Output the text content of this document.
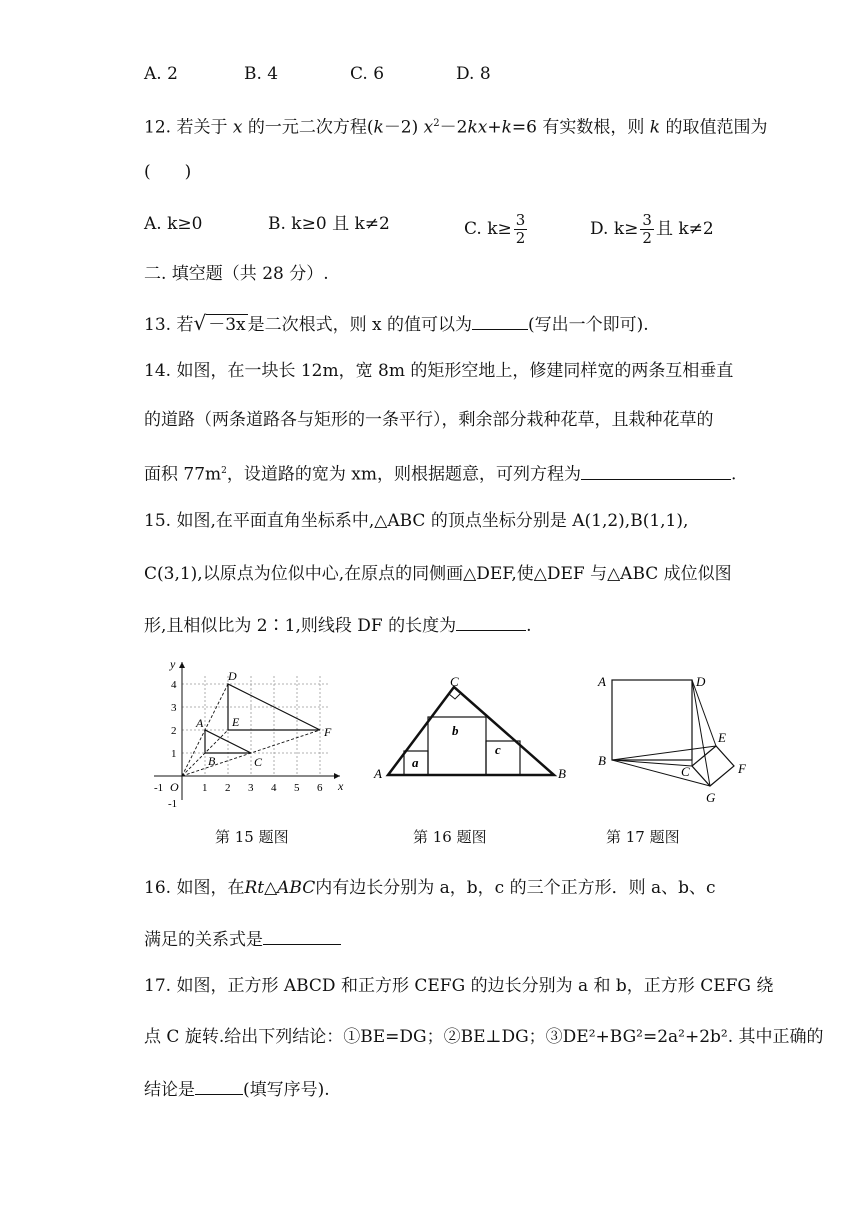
A. 2	B. 4	C. 6	D. 8
12. 若关于 x 的一元二次方程(k－2) $x^2-2kx+k=6$ 有实数根，则 k 的取值范围为
(　　)
A. k≥0	B. k≥0 且 k≠2	C. $k\ge \frac{3}{2}$	D. $k\ge \frac{3}{2}$ 且 k≠2
二. 填空题（共 28 分）.
13. 若√ －3x 是二次根式，则 x 的值可以为	(写出一个即可).
14. 如图，在一块长 12m，宽 8m 的矩形空地上，修建同样宽的两条互相垂直
的道路（两条道路各与矩形的一条平行），剩余部分栽种花草，且栽种花草的
面积 $77m^2$，设道路的宽为 xm，则根据题意，可列方程为	.
15. 如图,在平面直角坐标系中,△ABC 的顶点坐标分别是 A(1,2),B(1,1),
C(3,1),以原点为位似中心,在原点的同侧画△DEF,使△DEF 与△ABC 成位似图
形,且相似比为 2∶1,则线段 DF 的长度为	.
y
x
O
-1	1 2 3 4 5 6
-1
1
2
3
4
D
E
F
A
B	C
第 15 题图
C
A	B
a
b
c
第 16 题图
A	D
B
C
E
F
G
第 17 题图
16. 如图，在Rt△ABC内有边长分别为 a，b，c 的三个正方形．则 a、b、c
满足的关系式是
17. 如图，正方形 ABCD 和正方形 CEFG 的边长分别为 a 和 b，正方形 CEFG 绕
点 C 旋转.给出下列结论：①BE=DG；②BE⊥DG；③DE²+BG²=2a²+2b². 其中正确的
结论是	(填写序号).
